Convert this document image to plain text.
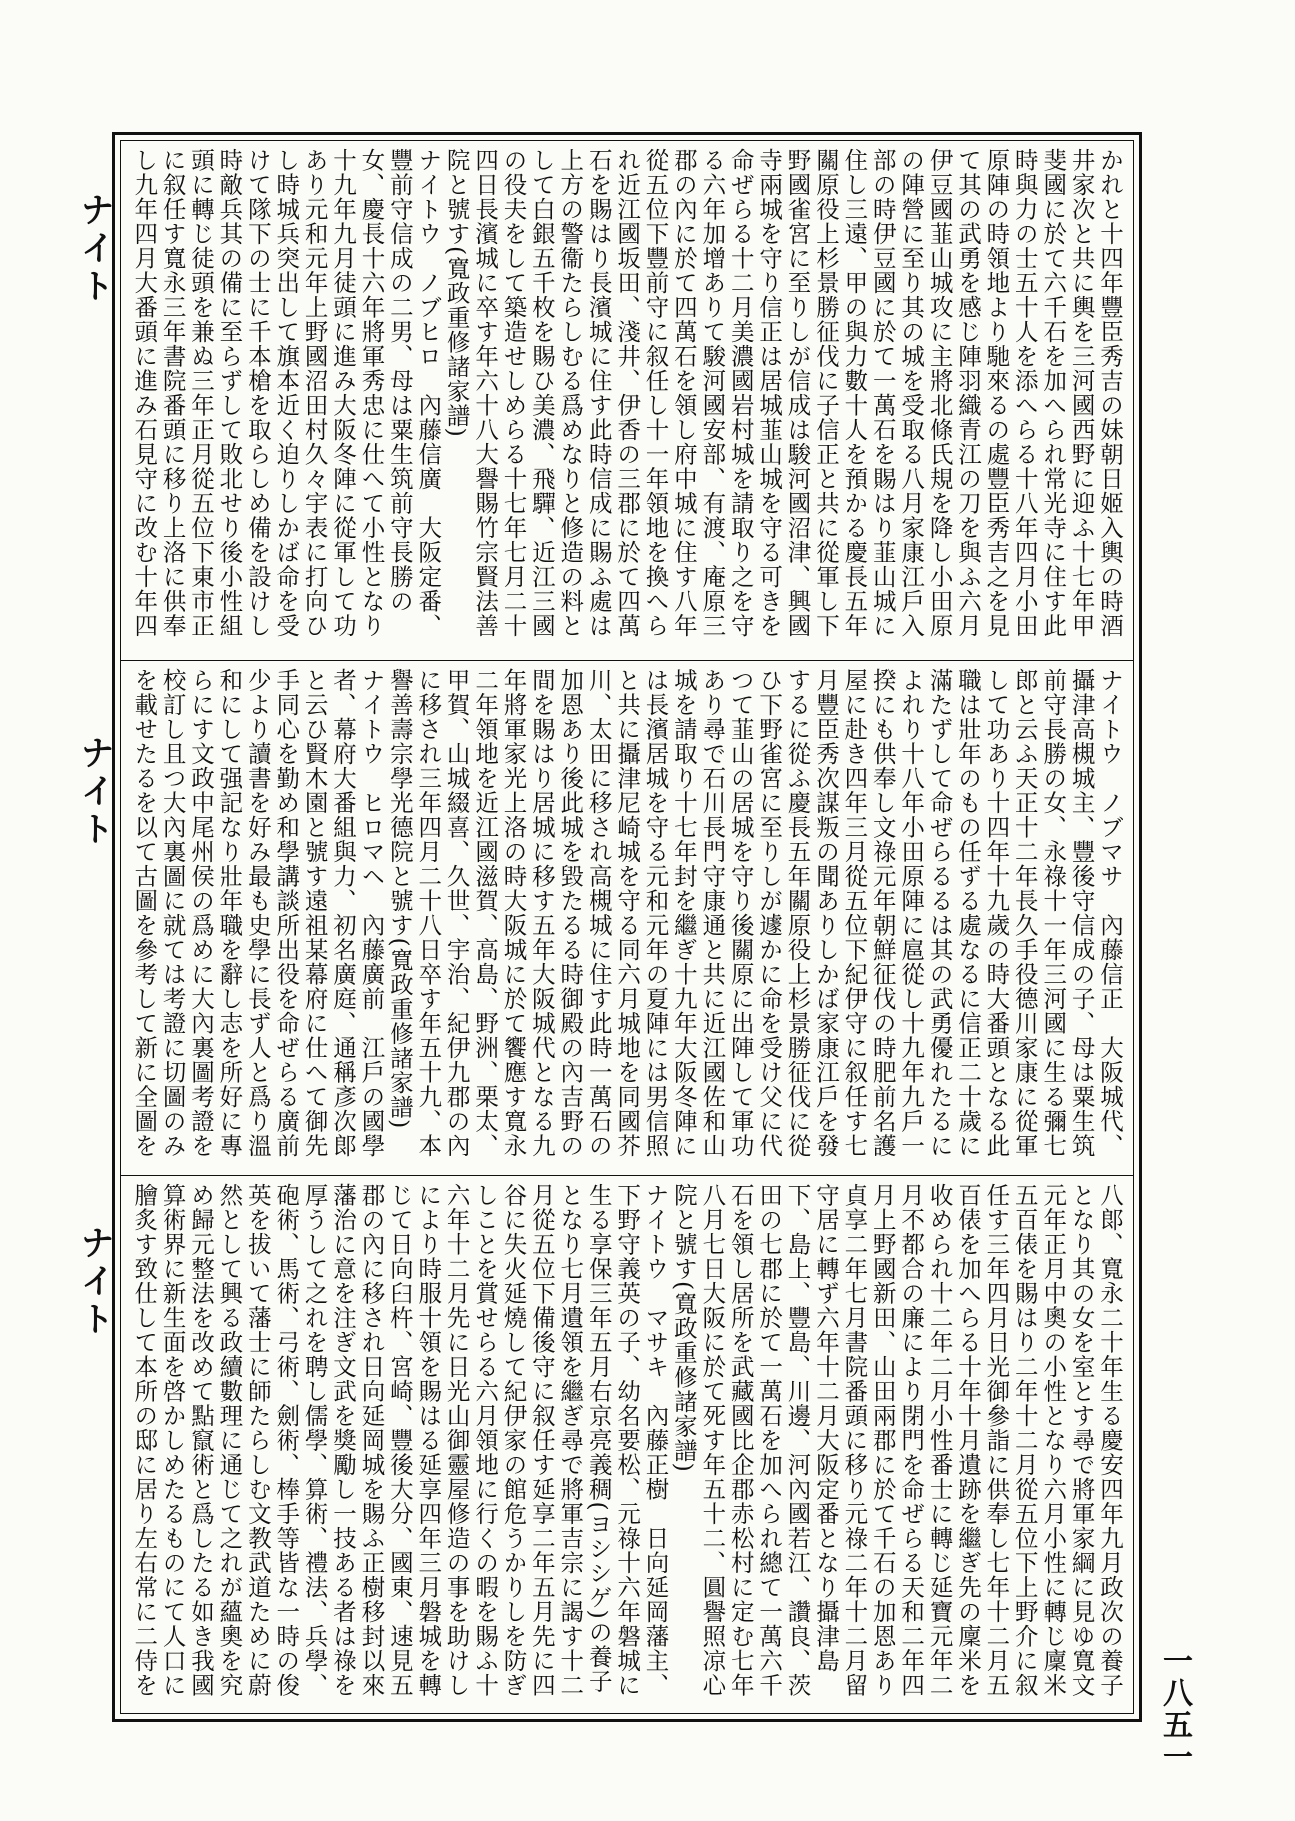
ナイト
ナイト
ナイト

かれと十四年豐臣秀吉の妹朝日姬入輿の時酒井家次と共に輿を三河國西野に迎ふ十七年甲斐國に於て六千石を加へられ常光寺に住す此時與力の士五十人を添へらる十八年四月小田原陣の時領地より馳來るの處豐臣秀吉之を見て其の武勇を感じ陣羽織青江の刀を與ふ六月伊豆國韮山城攻に主將北條氏規を降し小田原の陣營に至り其の城を受取る八月家康江戶入部の時伊豆國に於て一萬石を賜はり韮山城に住し三遠、甲の與力數十人を預かる慶長五年關原役上杉景勝征伐に子信正と共に從軍し下野國雀宮に至りしが信成は駿河國沼津、興國寺兩城を守り信正は居城韮山城を守る可きを命ぜらる十二月美濃國岩村城を請取り之を守る六年加增ありて駿河國安部、有渡、庵原三郡の內に於て四萬石を領し府中城に住す八年從五位下豐前守に叙任し十一年領地を換へられ近江國坂田、淺井、伊香の三郡に於て四萬石を賜はり長濱城に住す此時信成に賜ふ處は上方の警衞たらしむる爲めなりと修造の料として白銀五千枚を賜ひ美濃、飛驒、近江三國の役夫をして築造せしめらる十七年七月二十四日長濱城に卒す年六十八大譽賜竹宗賢法善院と號す(寬政重修諸家譜)

ナイトウ　ノブヒロ　內藤信廣　大阪定番、豐前守信成の二男、母は粟生筑前守長勝の女、慶長十六年將軍秀忠に仕へて小性となり十九年九月徒頭に進み大阪冬陣に從軍して功あり元和元年上野國沼田村久々宇表に打向ひし時城兵突出して旗本近く迫りしかば命を受けて隊下の士に千本槍を取らしめ備を設けし時敵兵其の備に至らずして敗北せり後小性組頭に轉じ徒頭を兼ぬ三年正月從五位下東市正に叙任す寬永三年書院番頭に移り上洛に供奉し九年四月大番頭に進み石見守に改む十年四

ナイトウ　ノブマサ　內藤信正　大阪城代、攝津高槻城主、豐後守信成の子、母は粟生筑前守長勝の女、永祿十一年三河國に生る彌七郎と云ふ天正十二年長久手役德川家康に從軍して功あり十四年十九歲の時大番頭となる此職は壯年のもの任ずる處なるに信正二十歲に滿たずして命ぜらるるは其の武勇優れたるによれり十八年小田原陣に扈從し十九年九戶一揆にも供奉し文祿元年朝鮮征伐の時肥前名護屋に赴き四年三月從五位下紀伊守に叙任す七月豐臣秀次謀叛の聞ありしかば家康江戶を發するに從ふ慶長五年關原役上杉景勝征伐に從ひ下野雀宮に至りしが遽かに命を受け父に代つて韮山の居城を守り後關原に出陣して軍功あり尋で石川長門守康通と共に近江國佐和山城を請取り十七年封を繼ぎ十九年大阪冬陣には長濱居城を守る元和元年の夏陣には男信照と共に攝津尼崎城を守る同六月城地を同國芥川、太田に移され高槻城に住す此時一萬石の加恩あり後此城を毀たるる時御殿の內吉野の間を賜はり居城に移す五年大阪城代となる九年將軍家光上洛の時大阪城に於て饗應す寬永二年領地を近江國滋賀、高島、野洲、栗太、甲賀、山城綴喜、久世、宇治、紀伊九郡の內に移され三年四月二十八日卒す年五十九、本譽善壽宗學光德院と號す(寬政重修諸家譜)

ナイトウ　ヒロマヘ　內藤廣前　江戶の國學者、幕府大番組與力、初名廣庭、通稱彥次郞と云ひ賢木園と號す遠祖某幕府に仕へて御先手同心を勤め和學講談所出役を命ぜらる廣前少より讀書を好み最も史學に長ず人と爲り溫和にして强記なり壯年職を辭し志を所好に專らにす文政中尾州侯の爲めに大內裏圖考證を校訂し且つ大內裏圖に就ては考證に切圖のみを載せたるを以て古圖を參考して新に全圖を

八郞、寬永二十年生る慶安四年九月政次の養子となり其の女を室とす尋で將軍家綱に見ゆ寬文元年正月中奧の小性となり六月小性に轉じ廩米五百俵を賜はり二年十二月從五位下上野介に叙任す三年四月日光御參詣に供奉し七年十二月五百俵を加へらる十年十月遺跡を繼ぎ先の廩米を收められ十二年二月小性番士に轉じ延寶元年二月不都合の廉により閉門を命ぜらる天和二年四月上野國新田、山田兩郡に於て千石の加恩あり貞享二年七月書院番頭に移り元祿二年十二月留守居に轉ず六年十二月大阪定番となり攝津島下、島上、豐島、川邊、河內國若江、讚良、茨田の七郡に於て一萬石を加へられ總て一萬六千石を領し居所を武藏國比企郡赤松村に定む七年八月七日大阪に於て死す年五十二、圓譽照凉心院と號す(寬政重修諸家譜)

ナイトウ　マサキ　內藤正樹　日向延岡藩主、下野守義英の子、幼名要松、元祿十六年磐城に生る享保三年五月右京亮義稠(ヨシシゲ)の養子となり七月遺領を繼ぎ尋で將軍吉宗に謁す十二月從五位下備後守に叙任す延享二年五月先に四谷に失火延燒して紀伊家の館危うかりしを防ぎしことを賞せらる六月領地に行くの暇を賜ふ十六年十二月先に日光山御靈屋修造の事を助けしにより時服十領を賜はる延享四年三月磐城を轉じて日向臼杵、宮崎、豐後大分、國東、速見五郡の內に移され日向延岡城を賜ふ正樹移封以來藩治に意を注ぎ文武を獎勵し一技ある者は祿を厚うして之れを聘し儒學、算術、禮法、兵學、砲術、馬術、弓術、劍術、棒手等皆な一時の俊英を拔いて藩士に師たらしむ文教武道ために蔚然として興る政續數理に通じて之れが蘊奧を究め歸元整法を改めて點竄術と爲したる如き我國算術界に新生面を啓かしめたるものにて人口に膾炙す致仕して本所の邸に居り左右常に二侍を	一八五一
